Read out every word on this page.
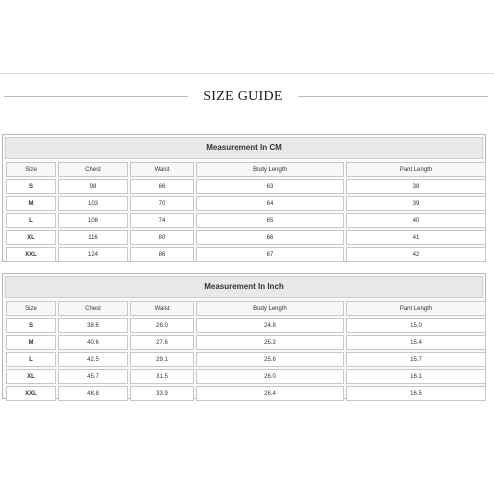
SIZE GUIDE
Measurement In CM
Size	Chest	Waist	Body Length	Pant Length
S	98	66	63	38
M	103	70	64	39
L	108	74	65	40
XL	116	80	66	41
XXL	124	86	67	42
Measurement In Inch
Size	Chest	Waist	Body Length	Pant Length
S	38.6	26.0	24.8	15.0
M	40.6	27.6	25.2	15.4
L	42.5	29.1	25.6	15.7
XL	45.7	31.5	26.0	16.1
XXL	48.8	33.9	26.4	16.5
